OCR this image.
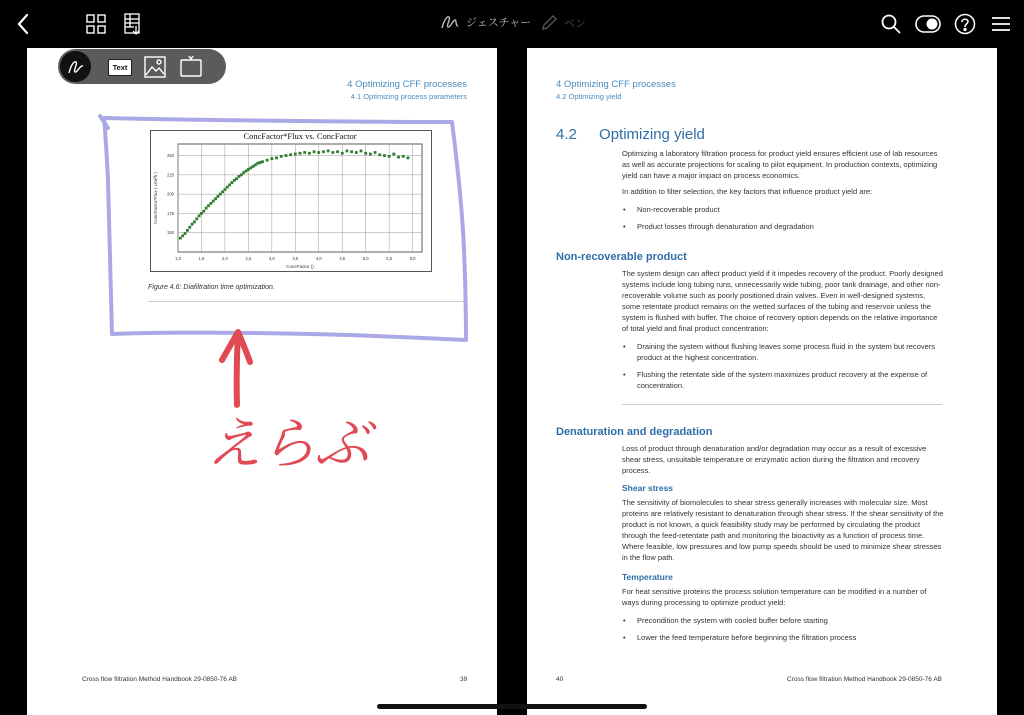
ジェスチャー	ペン
4 Optimizing CFF processes
4.1 Optimizing process parameters
1,0	1,5	2,0	2,5	3,0	3,5	4,0	4,5	5,0	5,5	6,0
150
175
200
225
250
ConcFactor*Flux vs. ConcFactor
ConcFactor ()
ConcFactor*Flux ( L/m²h )
Figure 4.6: Diafiltration time optimization.
Cross flow filtration Method Handbook 29-0850-76 AB	39
4 Optimizing CFF processes
4.2 Optimizing yield
4.2 Optimizing yield
Optimizing a laboratory filtration process for product yield ensures efficient use of lab resources as well as accurate projections for scaling to pilot equipment. In production contexts, optimizing yield can have a major impact on process economics.
In addition to filter selection, the key factors that influence product yield are:
• Non-recoverable product
• Product losses through denaturation and degradation
Non-recoverable product
The system design can affect product yield if it impedes recovery of the product. Poorly designed systems include long tubing runs, unnecessarily wide tubing, poor tank drainage, and other non-recoverable volume such as poorly positioned drain valves. Even in well-designed systems, some retentate product remains on the wetted surfaces of the tubing and reservoir unless the system is flushed with buffer. The choice of recovery option depends on the relative importance of total yield and final product concentration:
• Draining the system without flushing leaves some process fluid in the system but recovers product at the highest concentration.
• Flushing the retentate side of the system maximizes product recovery at the expense of concentration.
Denaturation and degradation
Loss of product through denaturation and/or degradation may occur as a result of excessive shear stress, unsuitable temperature or enzymatic action during the filtration and recovery process.
Shear stress
The sensitivity of biomolecules to shear stress generally increases with molecular size. Most proteins are relatively resistant to denaturation through shear stress. If the shear sensitivity of the product is not known, a quick feasibility study may be performed by circulating the product through the feed-retentate path and monitoring the bioactivity as a function of process time. Where feasible, low pressures and low pump speeds should be used to minimize shear stresses in the flow path.
Temperature
For heat sensitive proteins the process solution temperature can be modified in a number of ways during processing to optimize product yield:
• Precondition the system with cooled buffer before starting
• Lower the feed temperature before beginning the filtration process
40	Cross flow filtration Method Handbook 29-0850-76 AB
えらぶ
Text
